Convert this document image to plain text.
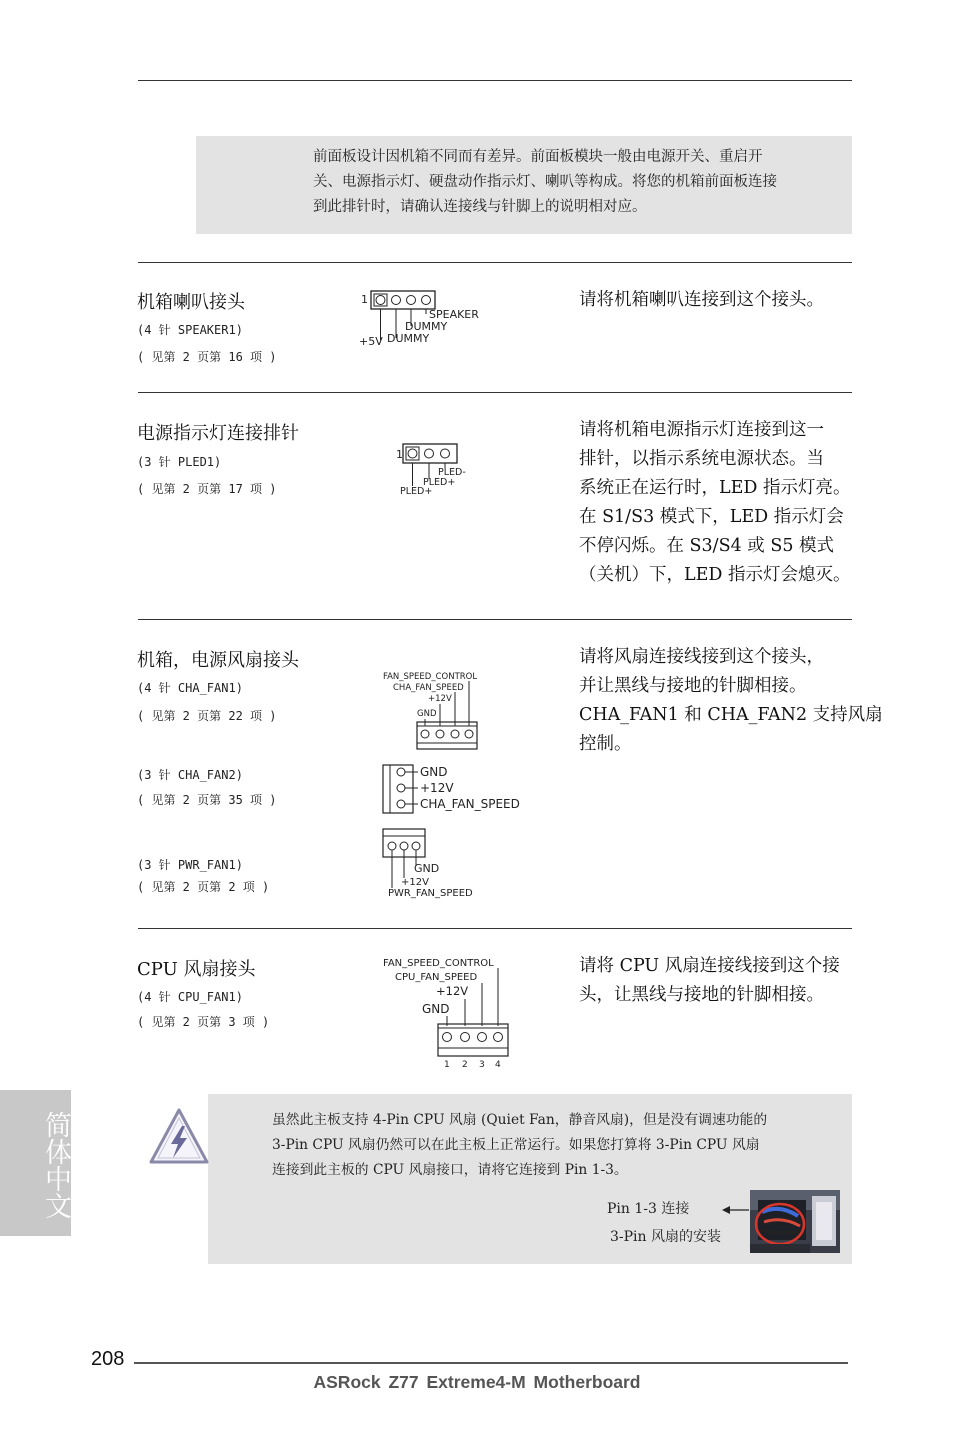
前面板设计因机箱不同而有差异。前面板模块一般由电源开关、重启开
关、电源指示灯、硬盘动作指示灯、喇叭等构成。将您的机箱前面板连接
到此排针时，请确认连接线与针脚上的说明相对应。
机箱喇叭接头
(4 针 SPEAKER1)
( 见第 2 页第 16 项 )
请将机箱喇叭连接到这个接头。
1
SPEAKER
DUMMY
DUMMY
+5V
电源指示灯连接排针
(3 针 PLED1)
( 见第 2 页第 17 项 )
请将机箱电源指示灯连接到这一
排针，以指示系统电源状态。当
系统正在运行时，LED 指示灯亮。
在 S1/S3 模式下，LED 指示灯会
不停闪烁。在 S3/S4 或 S5 模式
（关机）下，LED 指示灯会熄灭。
1
PLED-
PLED+
PLED+
机箱，电源风扇接头
(4 针 CHA_FAN1)
( 见第 2 页第 22 项 )
(3 针 CHA_FAN2)
( 见第 2 页第 35 项 )
(3 针 PWR_FAN1)
( 见第 2 页第 2 项 )
请将风扇连接线接到这个接头，
并让黑线与接地的针脚相接。
CHA_FAN1 和 CHA_FAN2 支持风扇
控制。
FAN_SPEED_CONTROL
CHA_FAN_SPEED
+12V
GND
GND
+12V
CHA_FAN_SPEED
GND
+12V
PWR_FAN_SPEED
CPU 风扇接头
(4 针 CPU_FAN1)
( 见第 2 页第 3 项 )
请将 CPU 风扇连接线接到这个接
头，让黑线与接地的针脚相接。
FAN_SPEED_CONTROL
CPU_FAN_SPEED
+12V
GND
1 2 3 4
虽然此主板支持 4-Pin CPU 风扇 (Quiet Fan，静音风扇)，但是没有调速功能的
3-Pin CPU 风扇仍然可以在此主板上正常运行。如果您打算将 3-Pin CPU 风扇
连接到此主板的 CPU 风扇接口，请将它连接到 Pin 1-3。
Pin 1-3 连接
3-Pin 风扇的安装
简体中文
208
ASRock Z77 Extreme4-M Motherboard
